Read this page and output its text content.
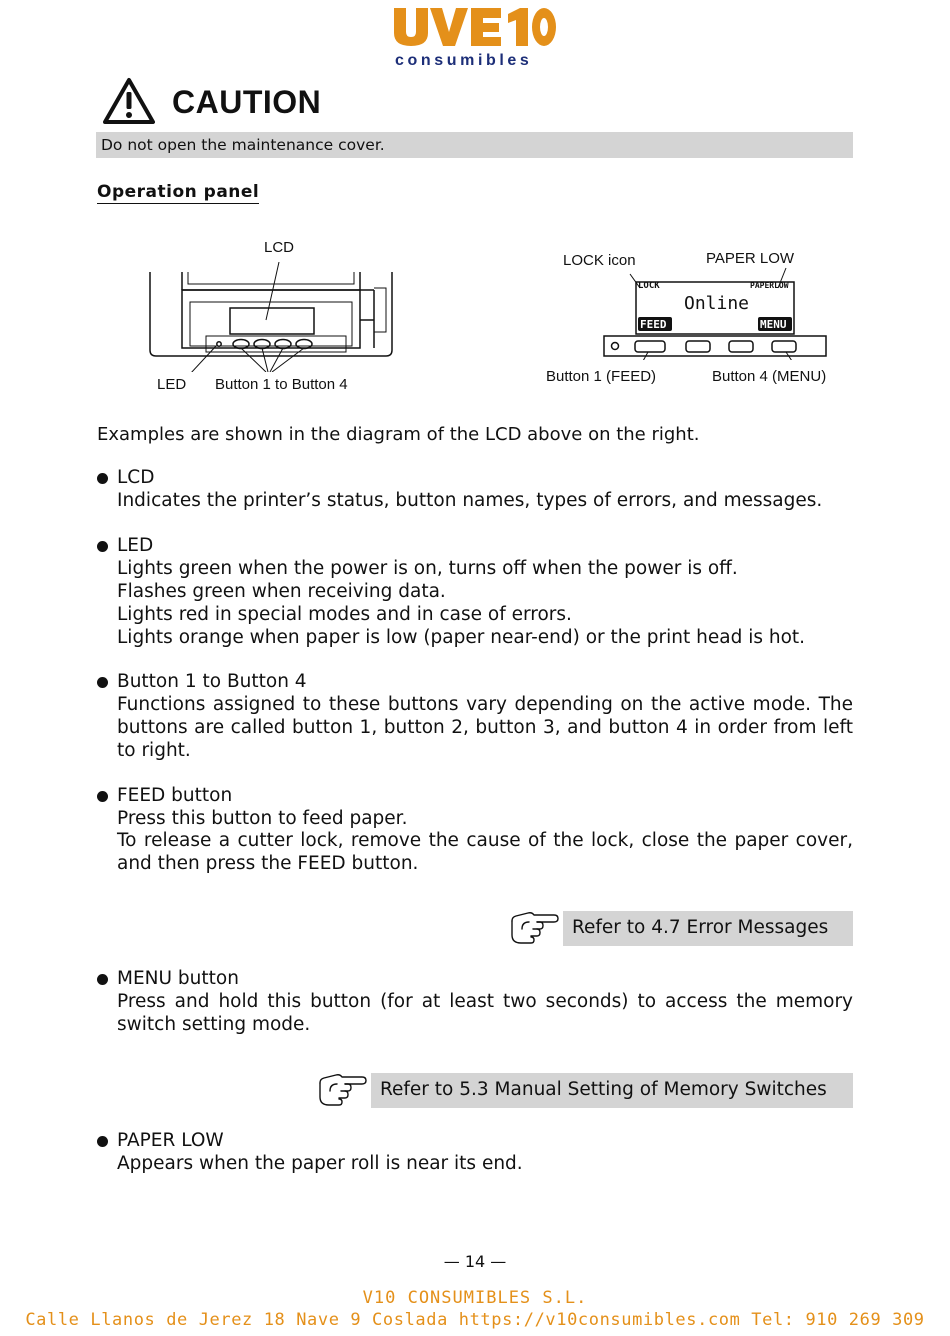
consumibles
CAUTION
Do not open the maintenance cover.
Operation panel
LCD
LED Button 1 to Button 4
LOCK	PAPERLOW
Online
FEED	MENU
LOCK icon	PAPER LOW
Button 1 (FEED)	Button 4 (MENU)
Examples are shown in the diagram of the LCD above on the right.
LCD
Indicates the printer’s status, button names, types of errors, and messages.
LED
Lights green when the power is on, turns off when the power is off.
Flashes green when receiving data.
Lights red in special modes and in case of errors.
Lights orange when paper is low (paper near-end) or the print head is hot.
Button 1 to Button 4
Functions assigned to these buttons vary depending on the active mode. The
buttons are called button 1, button 2, button 3, and button 4 in order from left
to right.
FEED button
Press this button to feed paper.
To release a cutter lock, remove the cause of the lock, close the paper cover,
and then press the FEED button.
Refer to 4.7 Error Messages
MENU button
Press and hold this button (for at least two seconds) to access the memory
switch setting mode.
Refer to 5.3 Manual Setting of Memory Switches
PAPER LOW
Appears when the paper roll is near its end.
— 14 —
V10 CONSUMIBLES S.L.
Calle Llanos de Jerez 18 Nave 9 Coslada https://v10consumibles.com Tel: 910 269 309
